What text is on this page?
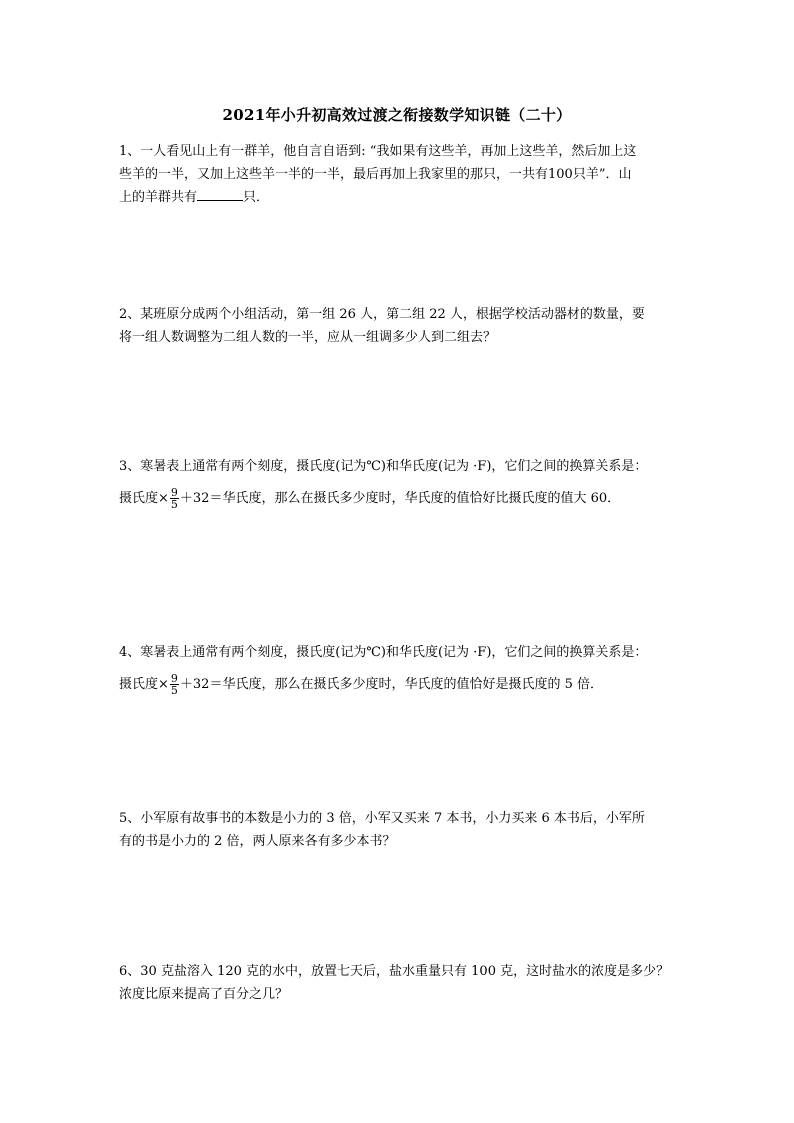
2021年小升初高效过渡之衔接数学知识链（二十）
1、一人看见山上有一群羊，他自言自语到: “我如果有这些羊，再加上这些羊，然后加上这
些羊的一半，又加上这些羊一半的一半，最后再加上我家里的那只，一共有100只羊”．山
上的羊群共有	只．
2、某班原分成两个小组活动，第一组 26 人，第二组 22 人，根据学校活动器材的数量，要
将一组人数调整为二组人数的一半，应从一组调多少人到二组去？
3、寒暑表上通常有两个刻度，摄氏度(记为℃)和华氏度(记为 ·F)，它们之间的换算关系是：
摄氏度× $\frac{9}{5} +32=$华氏度，那么在摄氏多少度时，华氏度的值恰好比摄氏度的值大 60．
4、寒暑表上通常有两个刻度，摄氏度(记为℃)和华氏度(记为 ·F)，它们之间的换算关系是：
摄氏度× $\frac{9}{5} +32=$华氏度，那么在摄氏多少度时，华氏度的值恰好是摄氏度的 5 倍．
5、小军原有故事书的本数是小力的 3 倍，小军又买来 7 本书，小力买来 6 本书后，小军所
有的书是小力的 2 倍，两人原来各有多少本书？
6、30 克盐溶入 120 克的水中，放置七天后，盐水重量只有 100 克，这时盐水的浓度是多少？
浓度比原来提高了百分之几？
